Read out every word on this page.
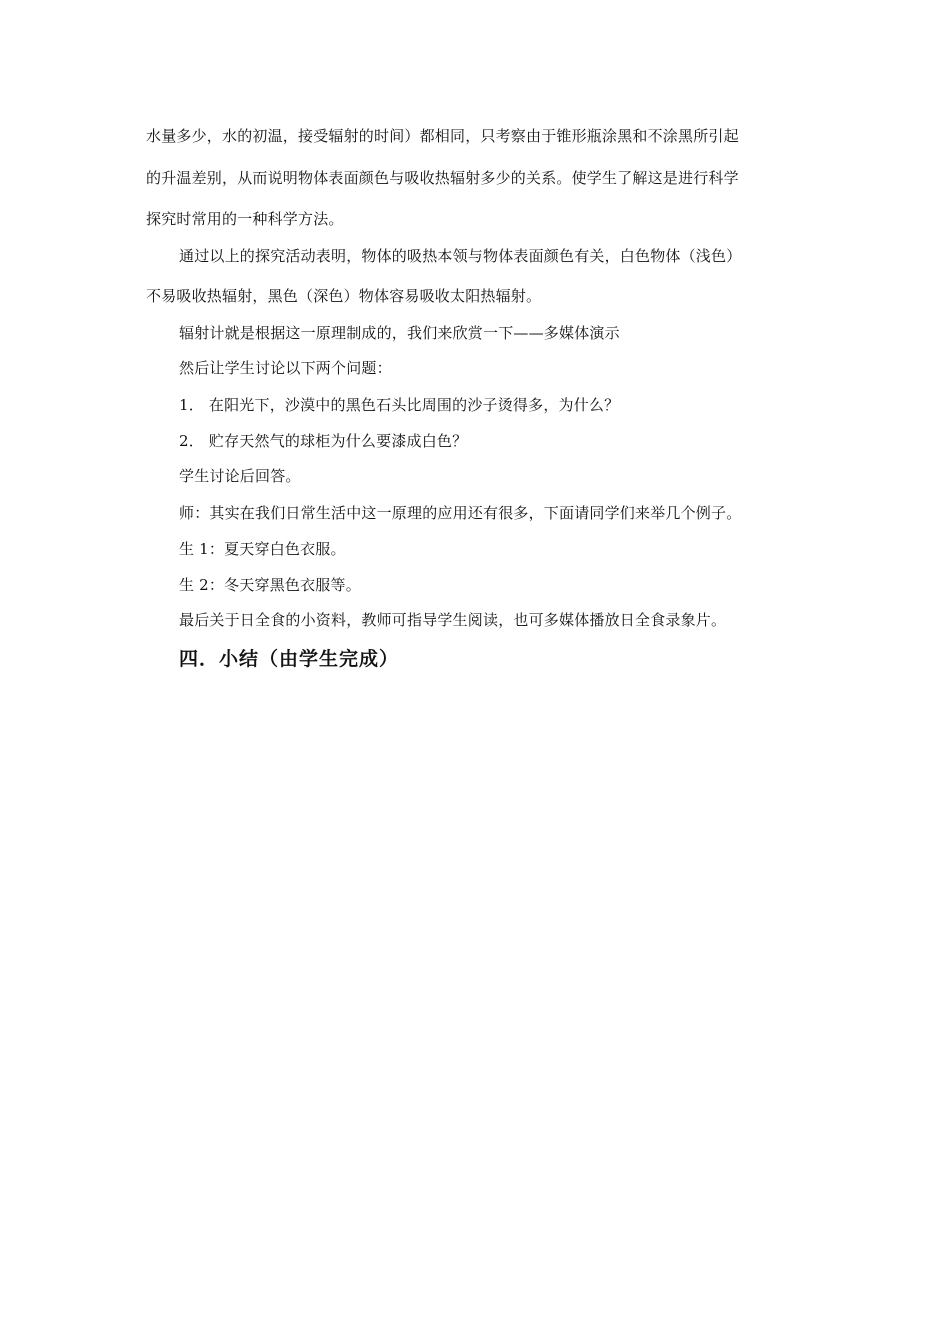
水量多少，水的初温，接受辐射的时间）都相同，只考察由于锥形瓶涂黑和不涂黑所引起
的升温差别，从而说明物体表面颜色与吸收热辐射多少的关系。使学生了解这是进行科学
探究时常用的一种科学方法。
通过以上的探究活动表明，物体的吸热本领与物体表面颜色有关，白色物体（浅色）
不易吸收热辐射，黑色（深色）物体容易吸收太阳热辐射。
辐射计就是根据这一原理制成的，我们来欣赏一下——多媒体演示
然后让学生讨论以下两个问题：
1． 在阳光下，沙漠中的黑色石头比周围的沙子烫得多，为什么？
2． 贮存天然气的球柜为什么要漆成白色？
学生讨论后回答。
师：其实在我们日常生活中这一原理的应用还有很多，下面请同学们来举几个例子。
生 1：夏天穿白色衣服。
生 2：冬天穿黑色衣服等。
最后关于日全食的小资料，教师可指导学生阅读，也可多媒体播放日全食录象片。
四．小结（由学生完成）
